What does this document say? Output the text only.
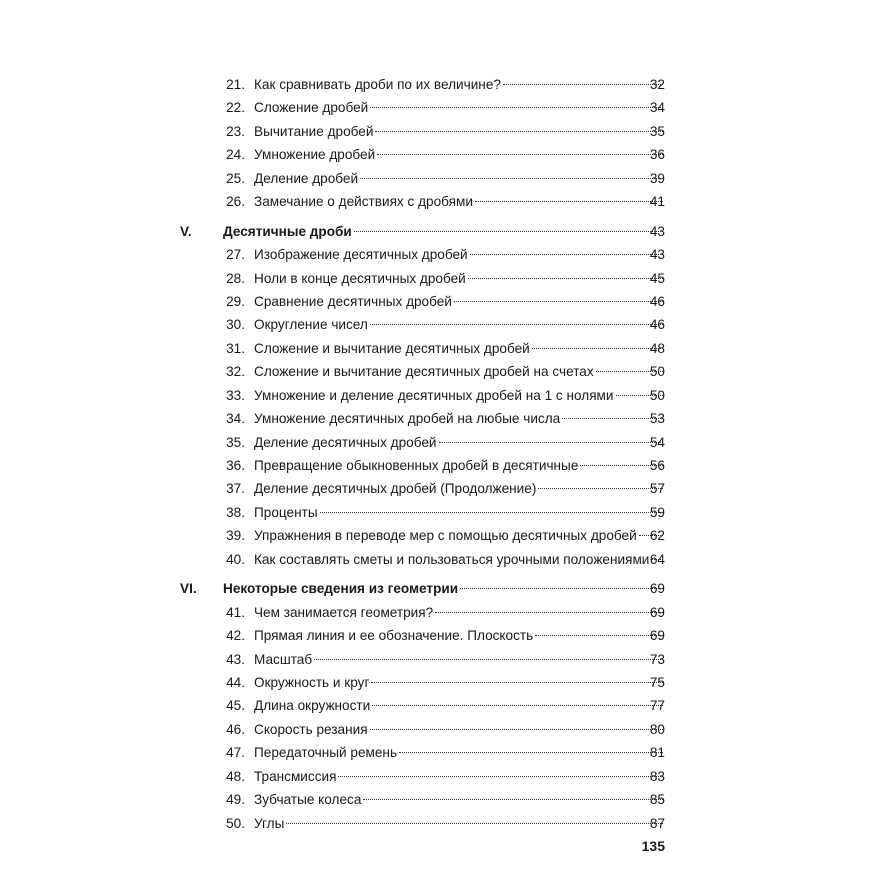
21. Как сравнивать дроби по их величине?	32
22. Сложение дробей	34
23. Вычитание дробей	35
24. Умножение дробей	36
25. Деление дробей	39
26. Замечание о действиях с дробями	41
V.	Десятичные дроби	43
27. Изображение десятичных дробей	43
28. Ноли в конце десятичных дробей	45
29. Сравнение десятичных дробей	46
30. Округление чисел	46
31. Сложение и вычитание десятичных дробей	48
32. Сложение и вычитание десятичных дробей на счетах	50
33. Умножение и деление десятичных дробей на 1 с нолями	50
34. Умножение десятичных дробей на любые числа	53
35. Деление десятичных дробей	54
36. Превращение обыкновенных дробей в десятичные	56
37. Деление десятичных дробей (Продолжение)	57
38. Проценты	59
39. Упражнения в переводе мер с помощью десятичных дробей 62
40. Как составлять сметы и пользоваться урочными положениями 64
VI.	Некоторые сведения из геометрии	69
41. Чем занимается геометрия?	69
42. Прямая линия и ее обозначение. Плоскость	69
43. Масштаб	73
44. Окружность и круг	75
45. Длина окружности	77
46. Скорость резания	80
47. Передаточный ремень	81
48. Трансмиссия	83
49. Зубчатые колеса	85
50. Углы	87
135
